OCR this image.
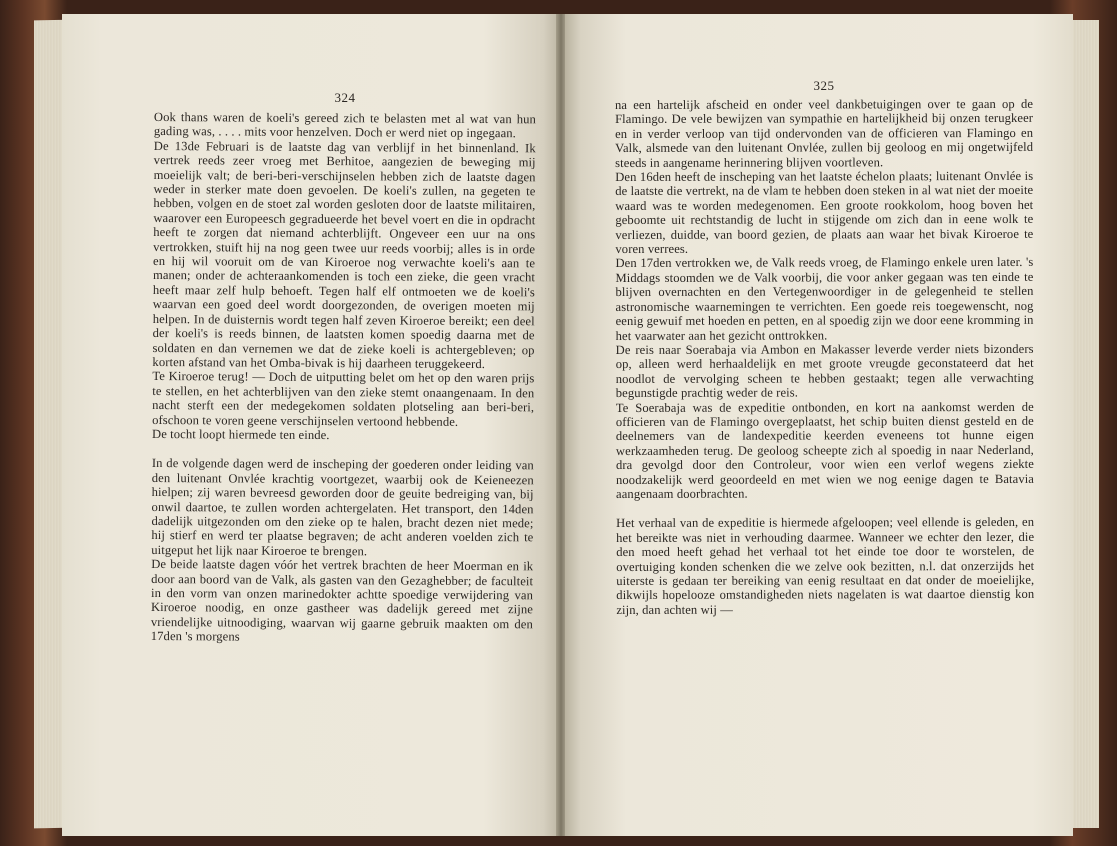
324

Ook thans waren de koeli's gereed zich te belasten met al wat van hun gading was, . . . . mits voor henzelven. Doch er werd niet op ingegaan.

De 13de Februari is de laatste dag van verblijf in het binnenland. Ik vertrek reeds zeer vroeg met Berhitoe, aangezien de beweging mij moeielijk valt; de beri-beri-verschijnselen hebben zich de laatste dagen weder in sterker mate doen gevoelen. De koeli's zullen, na gegeten te hebben, volgen en de stoet zal worden gesloten door de laatste militairen, waarover een Europeesch gegradueerde het bevel voert en die in opdracht heeft te zorgen dat niemand achterblijft. Ongeveer een uur na ons vertrokken, stuift hij na nog geen twee uur reeds voorbij; alles is in orde en hij wil vooruit om de van Kiroeroe nog verwachte koeli's aan te manen; onder de achteraankomenden is toch een zieke, die geen vracht heeft maar zelf hulp behoeft. Tegen half elf ontmoeten we de koeli's waarvan een goed deel wordt doorgezonden, de overigen moeten mij helpen. In de duisternis wordt tegen half zeven Kiroeroe bereikt; een deel der koeli's is reeds binnen, de laatsten komen spoedig daarna met de soldaten en dan vernemen we dat de zieke koeli is achtergebleven; op korten afstand van het Omba-bivak is hij daarheen teruggekeerd.

Te Kiroeroe terug! — Doch de uitputting belet om het op den waren prijs te stellen, en het achterblijven van den zieke stemt onaangenaam. In den nacht sterft een der medegekomen soldaten plotseling aan beri-beri, ofschoon te voren geene verschijnselen vertoond hebbende.

De tocht loopt hiermede ten einde.

In de volgende dagen werd de inscheping der goederen onder leiding van den luitenant Onvlée krachtig voortgezet, waarbij ook de Keieneezen hielpen; zij waren bevreesd geworden door de geuite bedreiging van, bij onwil daartoe, te zullen worden achtergelaten. Het transport, den 14den dadelijk uitgezonden om den zieke op te halen, bracht dezen niet mede; hij stierf en werd ter plaatse begraven; de acht anderen voelden zich te uitgeput het lijk naar Kiroeroe te brengen.

De beide laatste dagen vóór het vertrek brachten de heer Moerman en ik door aan boord van de Valk, als gasten van den Gezaghebber; de faculteit in den vorm van onzen marinedokter achtte spoedige verwijdering van Kiroeroe noodig, en onze gastheer was dadelijk gereed met zijne vriendelijke uitnoodiging, waarvan wij gaarne gebruik maakten om den 17den 's morgens

325

na een hartelijk afscheid en onder veel dankbetuigingen over te gaan op de Flamingo. De vele bewijzen van sympathie en hartelijkheid bij onzen terugkeer en in verder verloop van tijd ondervonden van de officieren van Flamingo en Valk, alsmede van den luitenant Onvlée, zullen bij geoloog en mij ongetwijfeld steeds in aangename herinnering blijven voortleven.

Den 16den heeft de inscheping van het laatste échelon plaats; luitenant Onvlée is de laatste die vertrekt, na de vlam te hebben doen steken in al wat niet der moeite waard was te worden medegenomen. Een groote rookkolom, hoog boven het geboomte uit rechtstandig de lucht in stijgende om zich dan in eene wolk te verliezen, duidde, van boord gezien, de plaats aan waar het bivak Kiroeroe te voren verrees.

Den 17den vertrokken we, de Valk reeds vroeg, de Flamingo enkele uren later. 's Middags stoomden we de Valk voorbij, die voor anker gegaan was ten einde te blijven overnachten en den Vertegenwoordiger in de gelegenheid te stellen astronomische waarnemingen te verrichten. Een goede reis toegewenscht, nog eenig gewuif met hoeden en petten, en al spoedig zijn we door eene kromming in het vaarwater aan het gezicht onttrokken.

De reis naar Soerabaja via Ambon en Makasser leverde verder niets bizonders op, alleen werd herhaaldelijk en met groote vreugde geconstateerd dat het noodlot de vervolging scheen te hebben gestaakt; tegen alle verwachting begunstigde prachtig weder de reis.

Te Soerabaja was de expeditie ontbonden, en kort na aankomst werden de officieren van de Flamingo overgeplaatst, het schip buiten dienst gesteld en de deelnemers van de landexpeditie keerden eveneens tot hunne eigen werkzaamheden terug. De geoloog scheepte zich al spoedig in naar Nederland, dra gevolgd door den Controleur, voor wien een verlof wegens ziekte noodzakelijk werd geoordeeld en met wien we nog eenige dagen te Batavia aangenaam doorbrachten.

Het verhaal van de expeditie is hiermede afgeloopen; veel ellende is geleden, en het bereikte was niet in verhouding daarmee. Wanneer we echter den lezer, die den moed heeft gehad het verhaal tot het einde toe door te worstelen, de overtuiging konden schenken die we zelve ook bezitten, n.l. dat onzerzijds het uiterste is gedaan ter bereiking van eenig resultaat en dat onder de moeielijke, dikwijls hopelooze omstandigheden niets nagelaten is wat daartoe dienstig kon zijn, dan achten wij —
